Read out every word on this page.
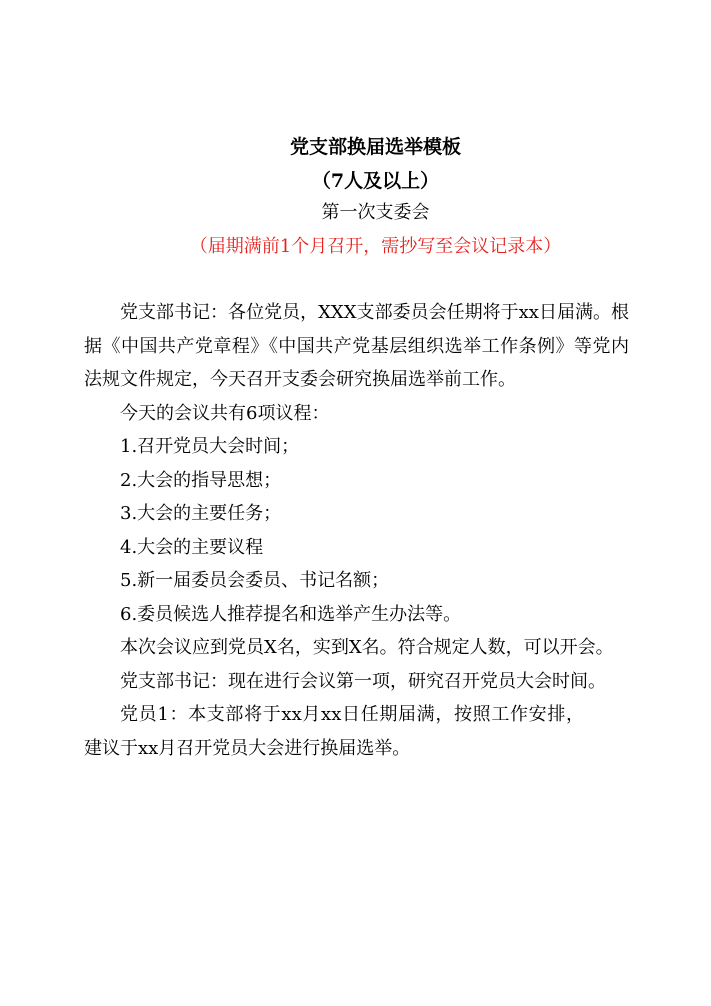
党支部换届选举模板
（7人及以上）
第一次支委会
（届期满前1个月召开，需抄写至会议记录本）

党支部书记：各位党员，XXX支部委员会任期将于xx日届满。根据《中国共产党章程》《中国共产党基层组织选举工作条例》等党内法规文件规定，今天召开支委会研究换届选举前工作。

今天的会议共有6项议程：

1.召开党员大会时间；

2.大会的指导思想；

3.大会的主要任务；

4.大会的主要议程

5.新一届委员会委员、书记名额；

6.委员候选人推荐提名和选举产生办法等。

本次会议应到党员X名，实到X名。符合规定人数，可以开会。

党支部书记：现在进行会议第一项，研究召开党员大会时间。

党员1：本支部将于xx月xx日任期届满，按照工作安排，建议于xx月召开党员大会进行换届选举。
